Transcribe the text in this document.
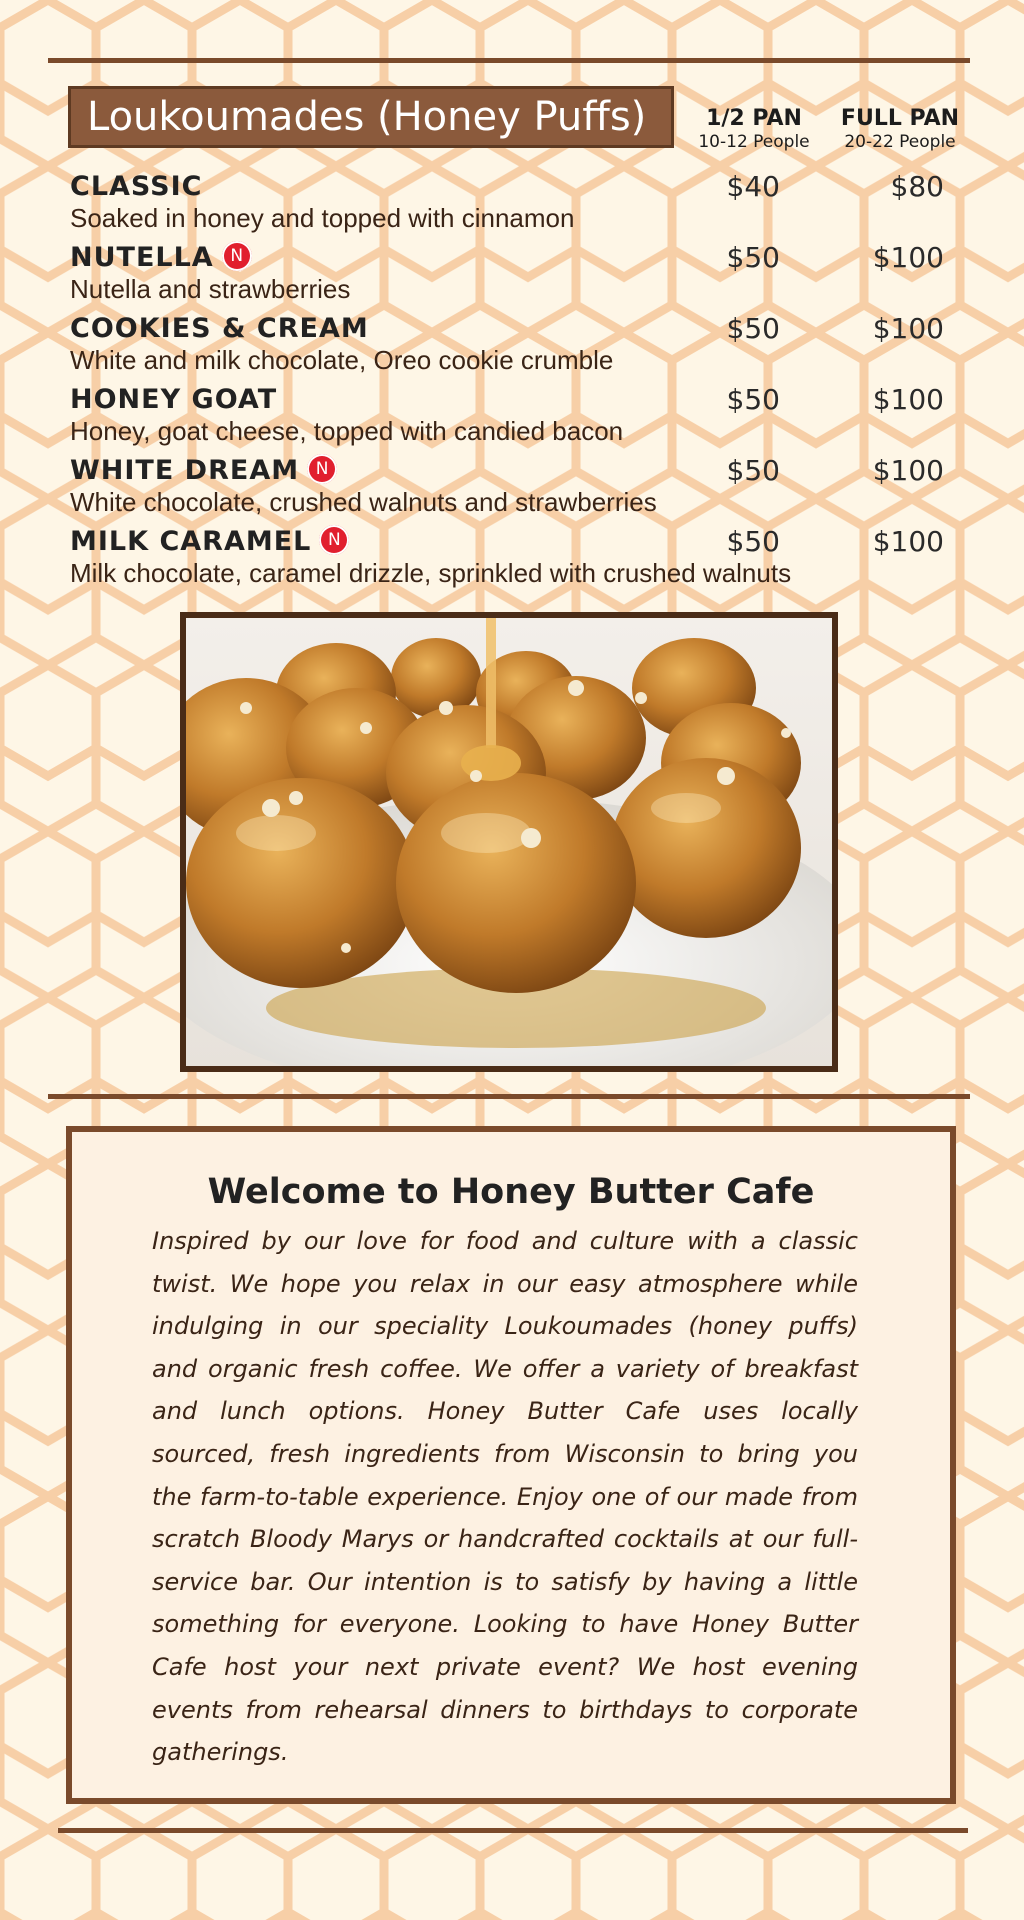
Loukoumades (Honey Puffs)	1/2 PAN
10-12 People
FULL PAN
20-22 People
CLASSIC
Soaked in honey and topped with cinnamon
$40	$80
NUTELLA N
Nutella and strawberries
$50	$100
COOKIES & CREAM
White and milk chocolate, Oreo cookie crumble
$50	$100
HONEY GOAT
Honey, goat cheese, topped with candied bacon
$50	$100
WHITE DREAM N
White chocolate, crushed walnuts and strawberries
$50	$100
MILK CARAMEL N
Milk chocolate, caramel drizzle, sprinkled with crushed walnuts
$50	$100
Welcome to Honey Butter Cafe
Inspired by our love for food and culture with a classic twist. We hope you relax in our easy atmosphere while indulging in our speciality Loukoumades (honey puffs) and organic fresh coffee. We offer a variety of breakfast and lunch options. Honey Butter Cafe uses locally sourced, fresh ingredients from Wisconsin to bring you the farm-to-table experience. Enjoy one of our made from scratch Bloody Marys or handcrafted cocktails at our full-service bar. Our intention is to satisfy by having a little something for everyone. Looking to have Honey Butter Cafe host your next private event? We host evening events from rehearsal dinners to birthdays to corporate gatherings.
